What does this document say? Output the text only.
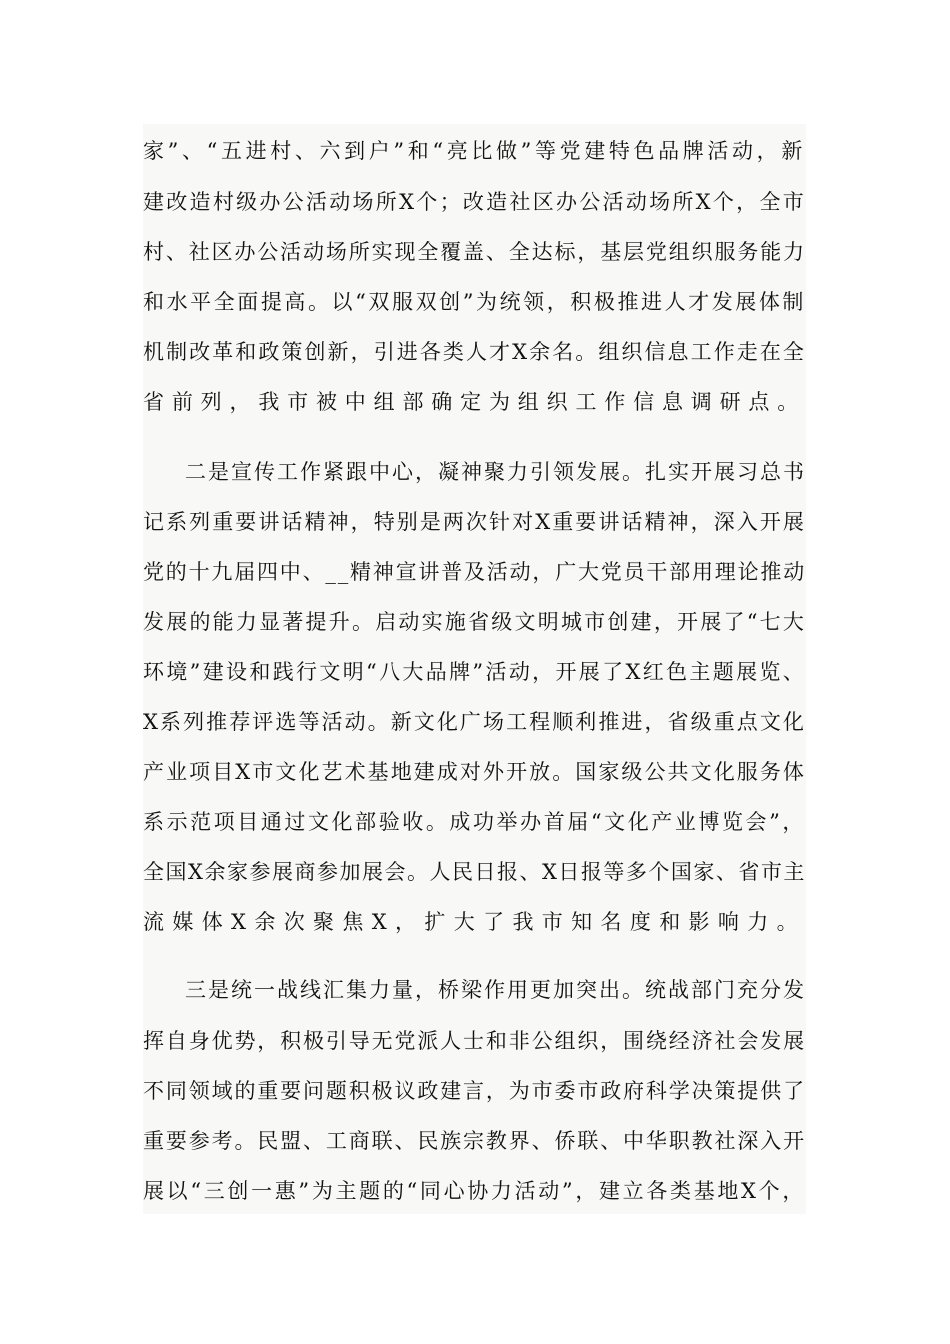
家”、“五进村、六到户”和“亮比做”等党建特色品牌活动，新
建改造村级办公活动场所X个；改造社区办公活动场所X个，全市
村、社区办公活动场所实现全覆盖、全达标，基层党组织服务能力
和水平全面提高。以“双服双创”为统领，积极推进人才发展体制
机制改革和政策创新，引进各类人才X余名。组织信息工作走在全
省前列，我市被中组部确定为组织工作信息调研点。
二是宣传工作紧跟中心，凝神聚力引领发展。扎实开展习总书
记系列重要讲话精神，特别是两次针对X重要讲话精神，深入开展
党的十九届四中、__精神宣讲普及活动，广大党员干部用理论推动
发展的能力显著提升。启动实施省级文明城市创建，开展了“七大
环境”建设和践行文明“八大品牌”活动，开展了X红色主题展览、
X系列推荐评选等活动。新文化广场工程顺利推进，省级重点文化
产业项目X市文化艺术基地建成对外开放。国家级公共文化服务体
系示范项目通过文化部验收。成功举办首届“文化产业博览会”，
全国X余家参展商参加展会。人民日报、X日报等多个国家、省市主
流媒体X余次聚焦X，扩大了我市知名度和影响力。
三是统一战线汇集力量，桥梁作用更加突出。统战部门充分发
挥自身优势，积极引导无党派人士和非公组织，围绕经济社会发展
不同领域的重要问题积极议政建言，为市委市政府科学决策提供了
重要参考。民盟、工商联、民族宗教界、侨联、中华职教社深入开
展以“三创一惠”为主题的“同心协力活动”，建立各类基地X个，
